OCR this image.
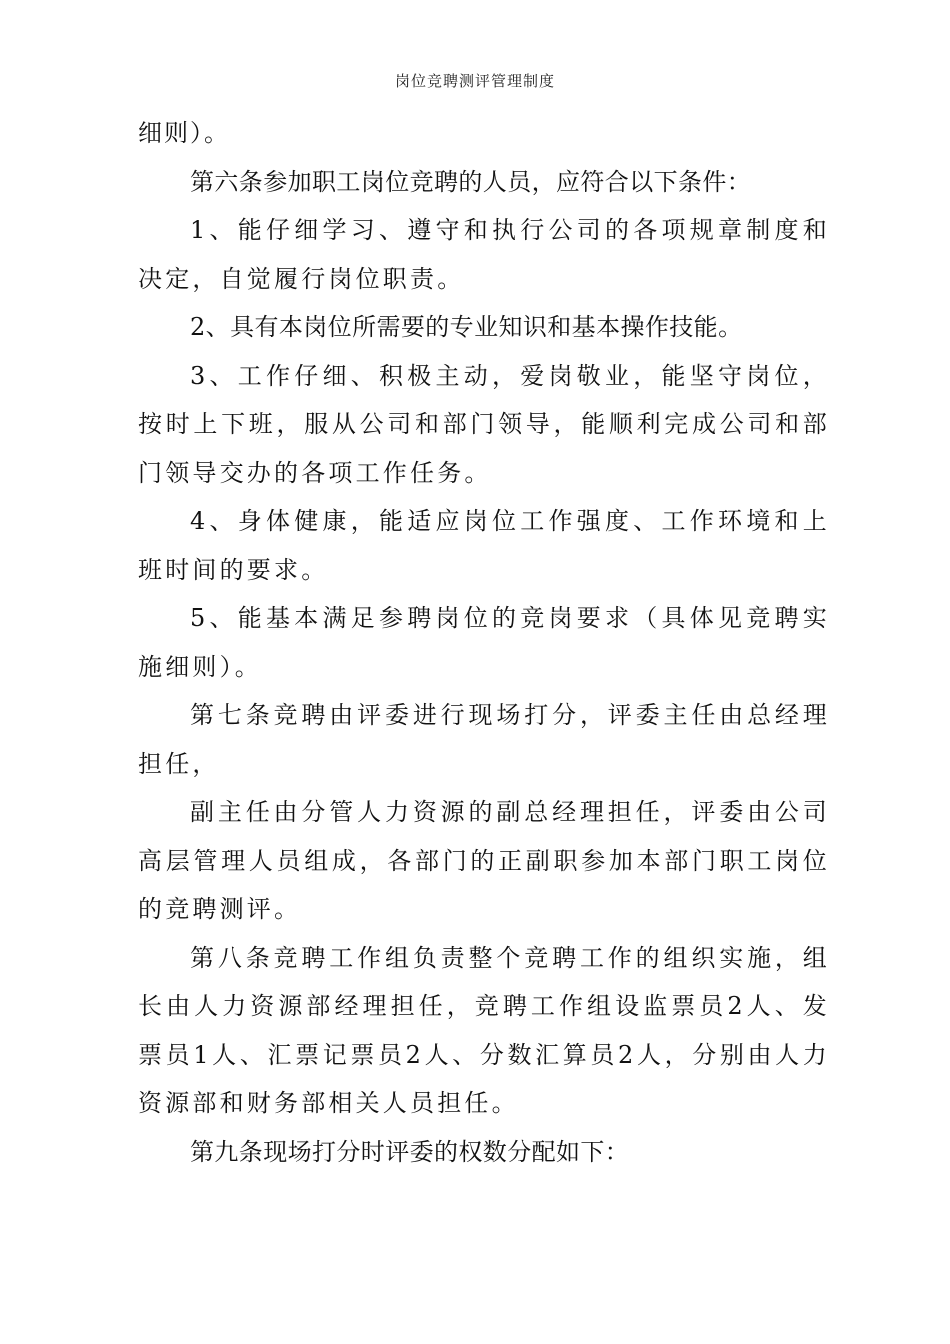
岗位竞聘测评管理制度

细则）。

第六条参加职工岗位竞聘的人员，应符合以下条件：

1、能仔细学习、遵守和执行公司的各项规章制度和决定，自觉履行岗位职责。

2、具有本岗位所需要的专业知识和基本操作技能。

3、工作仔细、积极主动，爱岗敬业，能坚守岗位，按时上下班，服从公司和部门领导，能顺利完成公司和部门领导交办的各项工作任务。

4、身体健康，能适应岗位工作强度、工作环境和上班时间的要求。

5、能基本满足参聘岗位的竞岗要求（具体见竞聘实施细则）。

第七条竞聘由评委进行现场打分，评委主任由总经理担任，

副主任由分管人力资源的副总经理担任，评委由公司高层管理人员组成，各部门的正副职参加本部门职工岗位的竞聘测评。

第八条竞聘工作组负责整个竞聘工作的组织实施，组长由人力资源部经理担任，竞聘工作组设监票员2人、发票员1人、汇票记票员2人、分数汇算员2人，分别由人力资源部和财务部相关人员担任。

第九条现场打分时评委的权数分配如下：
